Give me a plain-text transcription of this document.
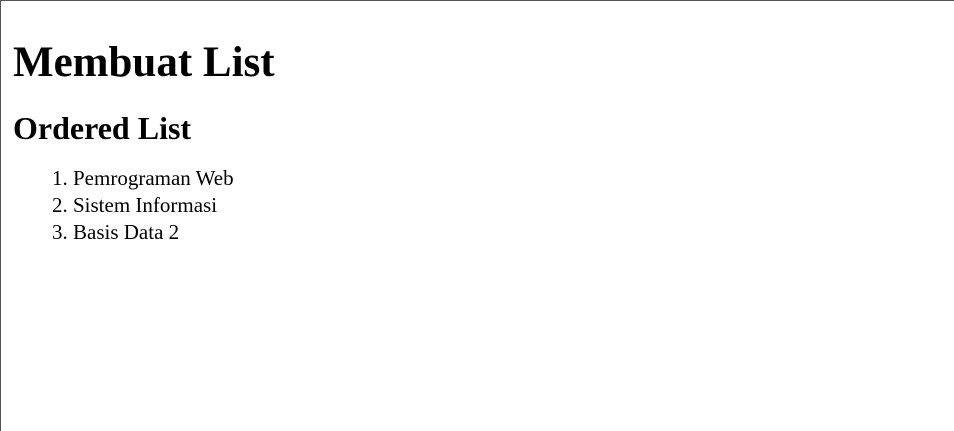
Membuat List
Ordered List
1. Pemrograman Web
2. Sistem Informasi
3. Basis Data 2
